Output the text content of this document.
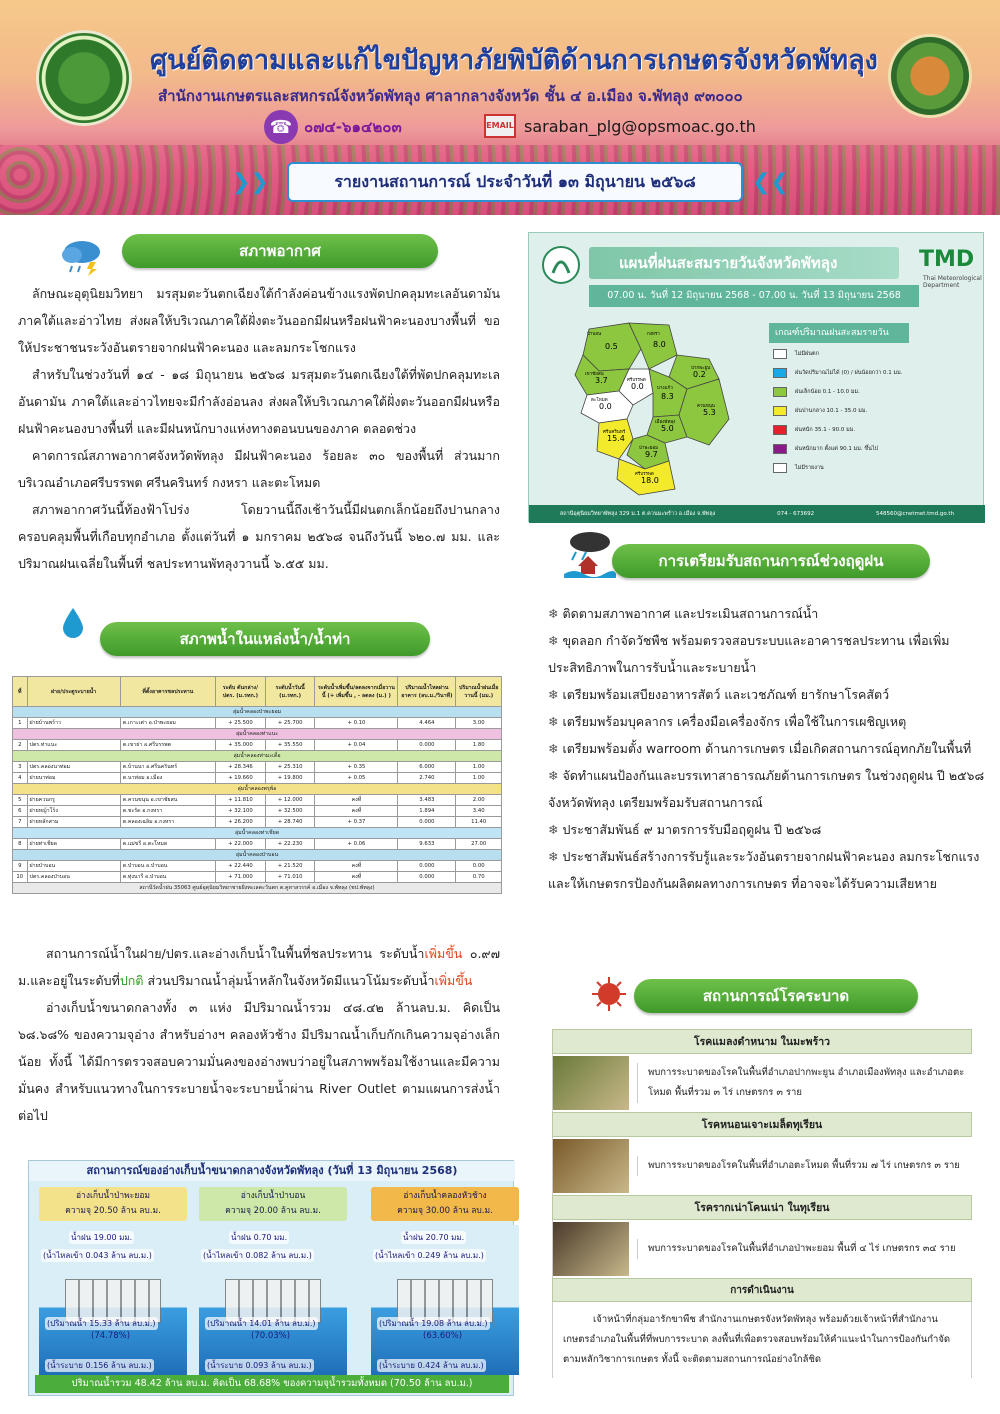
ศูนย์ติดตามและแก้ไขปัญหาภัยพิบัติด้านการเกษตรจังหวัดพัทลุง
สำนักงานเกษตรและสหกรณ์จังหวัดพัทลุง ศาลากลางจังหวัด ชั้น ๔ อ.เมือง จ.พัทลุง ๙๓๐๐๐
☎ ๐๗๔-๖๑๔๒๐๓	EMAIL saraban_plg@opsmoac.go.th
❯❯	รายงานสถานการณ์ ประจำวันที่ ๑๓ มิถุนายน ๒๕๖๘	❮❮
สภาพอากาศ

ลักษณะอุตุนิยมวิทยา มรสุมตะวันตกเฉียงใต้กำลังค่อนข้างแรงพัดปกคลุมทะเลอันดามัน ภาคใต้และอ่าวไทย ส่งผลให้บริเวณภาคใต้ฝั่งตะวันออกมีฝนหรือฝนฟ้าคะนองบางพื้นที่ ขอให้ประชาชนระวังอันตรายจากฝนฟ้าคะนอง และลมกระโชกแรง

สำหรับในช่วงวันที่ ๑๔ - ๑๘ มิถุนายน ๒๕๖๘ มรสุมตะวันตกเฉียงใต้ที่พัดปกคลุมทะเลอันดามัน ภาคใต้และอ่าวไทยจะมีกำลังอ่อนลง ส่งผลให้บริเวณภาคใต้ฝั่งตะวันออกมีฝนหรือฝนฟ้าคะนองบางพื้นที่ และมีฝนหนักบางแห่งทางตอนบนของภาค ตลอดช่วง

คาดการณ์สภาพอากาศจังหวัดพัทลุง มีฝนฟ้าคะนอง ร้อยละ ๓๐ ของพื้นที่ ส่วนมากบริเวณอำเภอศรีบรรพต ศรีนครินทร์ กงหรา และตะโหมด

สภาพอากาศวันนี้ท้องฟ้าโปร่ง โดยวานนี้ถึงเช้าวันนี้มีฝนตกเล็กน้อยถึงปานกลางครอบคลุมพื้นที่เกือบทุกอำเภอ ตั้งแต่วันที่ ๑ มกราคม ๒๕๖๘ จนถึงวันนี้ ๖๒๐.๗ มม. และปริมาณฝนเฉลี่ยในพื้นที่ ชลประทานพัทลุงวานนี้ ๖.๕๕ มม.

สภาพน้ำในแหล่งน้ำ/น้ำท่า
ที่	ฝาย/ประตูระบายน้ำ	ที่ตั้งอาคารชลประทาน	ระดับ ตันกล่าง/ปตร. (ม.รทก.)	ระดับน้ำวันนี้ (ม.รทก.)	ระดับน้ำเพิ่มขึ้น/ลดลงจากเมื่อวานนี้ (+ เพิ่มขึ้น , - ลดลง (ม.) )	ปริมาณน้ำไหลผ่านอาคาร (ลบ.ม./วินาที)	ปริมาณน้ำฝนเมื่อวานนี้ (มม.)
ลุ่มน้ำคลองป่าพะยอม							
1	ฝายบ้านพร้าว	ต.เกาะเต่า อ.ป่าพะยอม	+ 25.500	+ 25.700	+ 0.10	4.464	3.00
ลุ่มน้ำคลองท่าแนะ							
2	ปตร.ท่าแนะ	ต.เขาย่า อ.ศรีบรรพต	+ 35.000	+ 35.550	+ 0.04	0.000	1.80
ลุ่มน้ำคลองท่ามะเดื่อ							
3	ปตร.คลองนาท่อม	ต.บ้านนา อ.ศรีนครินทร์	+ 28.346	+ 25.310	+ 0.35	6.000	1.00
4	ฝายนาท่อม	ต.นาท่อม อ.เมือง	+ 19.660	+ 19.800	+ 0.05	2.740	1.00
ลุ่มน้ำคลองพรุพ้อ							
5	ฝายควนกรู	ต.ควนขนุน อ.เขาชัยสน	+ 11.810	+ 12.000	คงที่	3.483	2.00
6	ฝายหญ้าโร้ง	ต.ชะรัด อ.กงหรา	+ 32.100	+ 32.500	คงที่	1.894	3.40
7	ฝายหลักสาม	ต.คลองเฉลิม อ.กงหรา	+ 26.200	+ 28.740	+ 0.37	0.000	11.40
ลุ่มน้ำคลองท่าเชียด							
8	ฝายท่าเชียด	ต.แม่ขรี อ.ตะโหมด	+ 22.000	+ 22.230	+ 0.06	9.633	27.00
ลุ่มน้ำคลองป่าบอน							
9	ฝายป่าบอน	ต.ป่าบอน อ.ป่าบอน	+ 22.440	+ 21.520	คงที่	0.000	0.00
10	ปตร.คลองป่าบอน	ต.ทุ่งนารี อ.ป่าบอน	+ 71.000	+ 71.010	คงที่	0.000	0.70
สถานีวัดน้ำฝน 35063 ศูนย์อุตุนิยมวิทยาชายฝั่งทะเลตะวันตก ต.คูหาสวรรค์ อ.เมือง จ.พัทลุง (ชป.พัทลุง)							

สถานการณ์น้ำในฝาย/ปตร.และอ่างเก็บน้ำในพื้นที่ชลประทาน ระดับน้ำเพิ่มขึ้น ๐.๙๗ ม.และอยู่ในระดับที่ปกติ ส่วนปริมาณน้ำลุ่มน้ำหลักในจังหวัดมีแนวโน้มระดับน้ำเพิ่มขึ้น

อ่างเก็บน้ำขนาดกลางทั้ง ๓ แห่ง มีปริมาณน้ำรวม ๔๘.๔๒ ล้านลบ.ม. คิดเป็น ๖๘.๖๘% ของความจุอ่าง สำหรับอ่างฯ คลองหัวช้าง มีปริมาณน้ำเก็บกักเกินความจุอ่างเล็กน้อย ทั้งนี้ ได้มีการตรวจสอบความมั่นคงของอ่างพบว่าอยู่ในสภาพพร้อมใช้งานและมีความมั่นคง สำหรับแนวทางในการระบายน้ำจะระบายน้ำผ่าน River Outlet ตามแผนการส่งน้ำต่อไป

สถานการณ์ของอ่างเก็บน้ำขนาดกลางจังหวัดพัทลุง (วันที่ 13 มิถุนายน 2568)
อ่างเก็บน้ำป่าพะยอม
ความจุ 20.50 ล้าน ลบ.ม.
น้ำฝน 19.00 มม.
(น้ำไหลเข้า 0.043 ล้าน ลบ.ม.)
(ปริมาณน้ำ 15.33 ล้าน ลบ.ม.)
(74.78%)
(น้ำระบาย 0.156 ล้าน ลบ.ม.)
อ่างเก็บน้ำป่าบอน
ความจุ 20.00 ล้าน ลบ.ม.
น้ำฝน 0.70 มม.
(น้ำไหลเข้า 0.082 ล้าน ลบ.ม.)
(ปริมาณน้ำ 14.01 ล้าน ลบ.ม.)
(70.03%)
(น้ำระบาย 0.093 ล้าน ลบ.ม.)
อ่างเก็บน้ำคลองหัวช้าง
ความจุ 30.00 ล้าน ลบ.ม.
น้ำฝน 20.70 มม.
(น้ำไหลเข้า 0.249 ล้าน ลบ.ม.)
(ปริมาณน้ำ 19.08 ล้าน ลบ.ม.)
(63.60%)
(น้ำระบาย 0.424 ล้าน ลบ.ม.)
ปริมาณน้ำรวม 48.42 ล้าน ลบ.ม. คิดเป็น 68.68% ของความจุน้ำรวมทั้งหมด (70.50 ล้าน ลบ.ม.)
แผนที่ฝนสะสมรายวันจังหวัดพัทลุง
07.00 น. วันที่ 12 มิถุนายน 2568 - 07.00 น. วันที่ 13 มิถุนายน 2568
TMD
Thai Meteorological Department
0.5	8.0
3.7
0.0
0.2
0.0
8.3
15.4
5.0
5.3
9.7
18.0
ป่าบอน	กงหรา
เขาชัยสน
ศรีบรรพต
ปากพะยูน
ตะโหมด
บางแก้ว
ศรีนครินทร์
เมืองพัทลุง
ควนขนุน
ป่าพะยอม
ศรีบรรพต
เกณฑ์ปริมาณฝนสะสมรายวัน
ไม่มีฝนตก
ฝนวัดปริมาณไม่ได้ (0) / ฝนน้อยกว่า 0.1 มม.
ฝนเล็กน้อย 0.1 - 10.0 มม.
ฝนปานกลาง 10.1 - 35.0 มม.
ฝนหนัก 35.1 - 90.0 มม.
ฝนหนักมาก ตั้งแต่ 90.1 มม. ขึ้นไป
ไม่มีรายงาน
สถานีอุตุนิยมวิทยาพัทลุง 329 ม.1 ต.ควนมะพร้าว อ.เมือง จ.พัทลุง	074 - 673692	548560@cnetmet.tmd.go.th
การเตรียมรับสถานการณ์ช่วงฤดูฝน
❄ ติดตามสภาพอากาศ และประเมินสถานการณ์น้ำ
❄ ขุดลอก กำจัดวัชพืช พร้อมตรวจสอบระบบและอาคารชลประทาน เพื่อเพิ่มประสิทธิภาพในการรับน้ำและระบายน้ำ
❄ เตรียมพร้อมเสบียงอาหารสัตว์ และเวชภัณฑ์ ยารักษาโรคสัตว์
❄ เตรียมพร้อมบุคลากร เครื่องมือเครื่องจักร เพื่อใช้ในการเผชิญเหตุ
❄ เตรียมพร้อมตั้ง warroom ด้านการเกษตร เมื่อเกิดสถานการณ์อุทกภัยในพื้นที่
❄ จัดทำแผนป้องกันและบรรเทาสาธารณภัยด้านการเกษตร ในช่วงฤดูฝน ปี ๒๕๖๘ จังหวัดพัทลุง เตรียมพร้อมรับสถานการณ์
❄ ประชาสัมพันธ์ ๙ มาตรการรับมือฤดูฝน ปี ๒๕๖๘
❄ ประชาสัมพันธ์สร้างการรับรู้และระวังอันตรายจากฝนฟ้าคะนอง ลมกระโชกแรง และให้เกษตรกรป้องกันผลิตผลทางการเกษตร ที่อาจจะได้รับความเสียหาย
สถานการณ์โรคระบาด
โรคแมลงดำหนาม ในมะพร้าว
พบการระบาดของโรคในพื้นที่อำเภอปากพะยูน อำเภอเมืองพัทลุง และอำเภอตะโหมด พื้นที่รวม ๓ ไร่ เกษตรกร ๓ ราย
โรคหนอนเจาะเมล็ดทุเรียน
พบการระบาดของโรคในพื้นที่อำเภอตะโหมด พื้นที่รวม ๗ ไร่ เกษตรกร ๓ ราย
โรครากเน่าโคนเน่า ในทุเรียน
พบการระบาดของโรคในพื้นที่อำเภอป่าพะยอม พื้นที่ ๔ ไร่ เกษตรกร ๓๔ ราย
การดำเนินงาน
เจ้าหน้าที่กลุ่มอารักขาพืช สำนักงานเกษตรจังหวัดพัทลุง พร้อมด้วยเจ้าหน้าที่สำนักงานเกษตรอำเภอในพื้นที่ที่พบการระบาด ลงพื้นที่เพื่อตรวจสอบพร้อมให้คำแนะนำในการป้องกันกำจัดตามหลักวิชาการเกษตร ทั้งนี้ จะติดตามสถานการณ์อย่างใกล้ชิด
